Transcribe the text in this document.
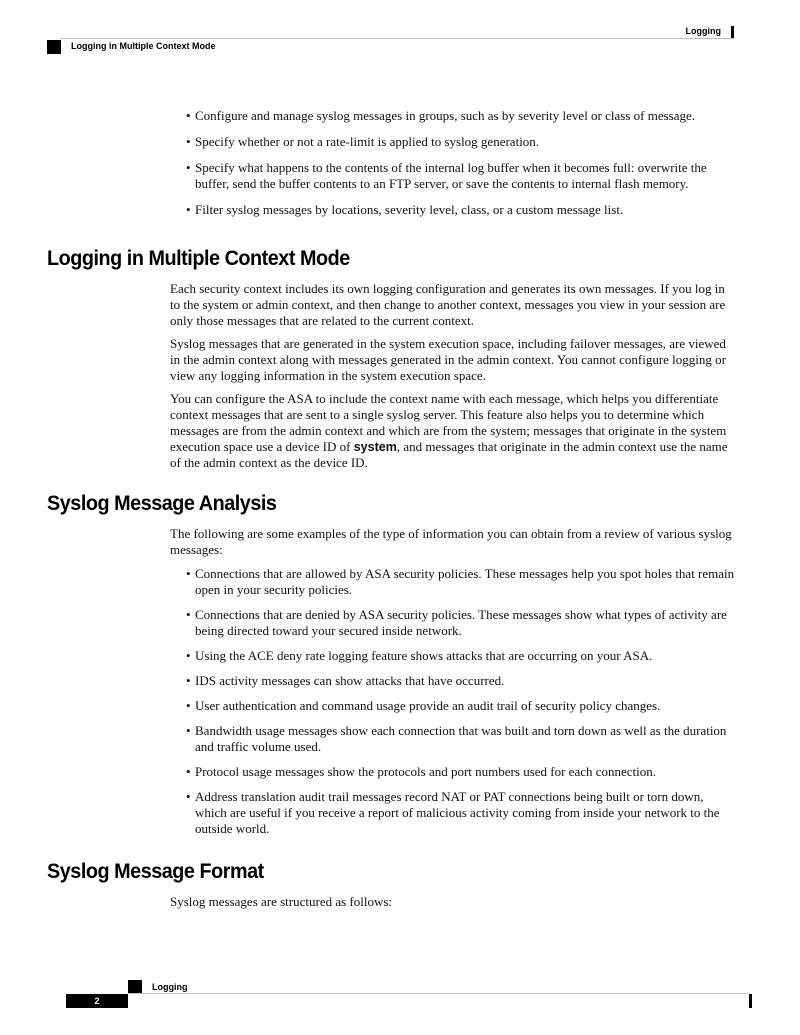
Logging
Logging in Multiple Context Mode
• Configure and manage syslog messages in groups, such as by severity level or class of message.
• Specify whether or not a rate-limit is applied to syslog generation.
• Specify what happens to the contents of the internal log buffer when it becomes full: overwrite the buffer, send the buffer contents to an FTP server, or save the contents to internal flash memory.
• Filter syslog messages by locations, severity level, class, or a custom message list.
Logging in Multiple Context Mode

Each security context includes its own logging configuration and generates its own messages. If you log in to the system or admin context, and then change to another context, messages you view in your session are only those messages that are related to the current context.

Syslog messages that are generated in the system execution space, including failover messages, are viewed in the admin context along with messages generated in the admin context. You cannot configure logging or view any logging information in the system execution space.

You can configure the ASA to include the context name with each message, which helps you differentiate context messages that are sent to a single syslog server. This feature also helps you to determine which messages are from the admin context and which are from the system; messages that originate in the system execution space use a device ID of system, and messages that originate in the admin context use the name of the admin context as the device ID.

Syslog Message Analysis

The following are some examples of the type of information you can obtain from a review of various syslog messages:

• Connections that are allowed by ASA security policies. These messages help you spot holes that remain open in your security policies.
• Connections that are denied by ASA security policies. These messages show what types of activity are being directed toward your secured inside network.
• Using the ACE deny rate logging feature shows attacks that are occurring on your ASA.
• IDS activity messages can show attacks that have occurred.
• User authentication and command usage provide an audit trail of security policy changes.
• Bandwidth usage messages show each connection that was built and torn down as well as the duration and traffic volume used.
• Protocol usage messages show the protocols and port numbers used for each connection.
• Address translation audit trail messages record NAT or PAT connections being built or torn down, which are useful if you receive a report of malicious activity coming from inside your network to the outside world.
Syslog Message Format

Syslog messages are structured as follows:

Logging
2
